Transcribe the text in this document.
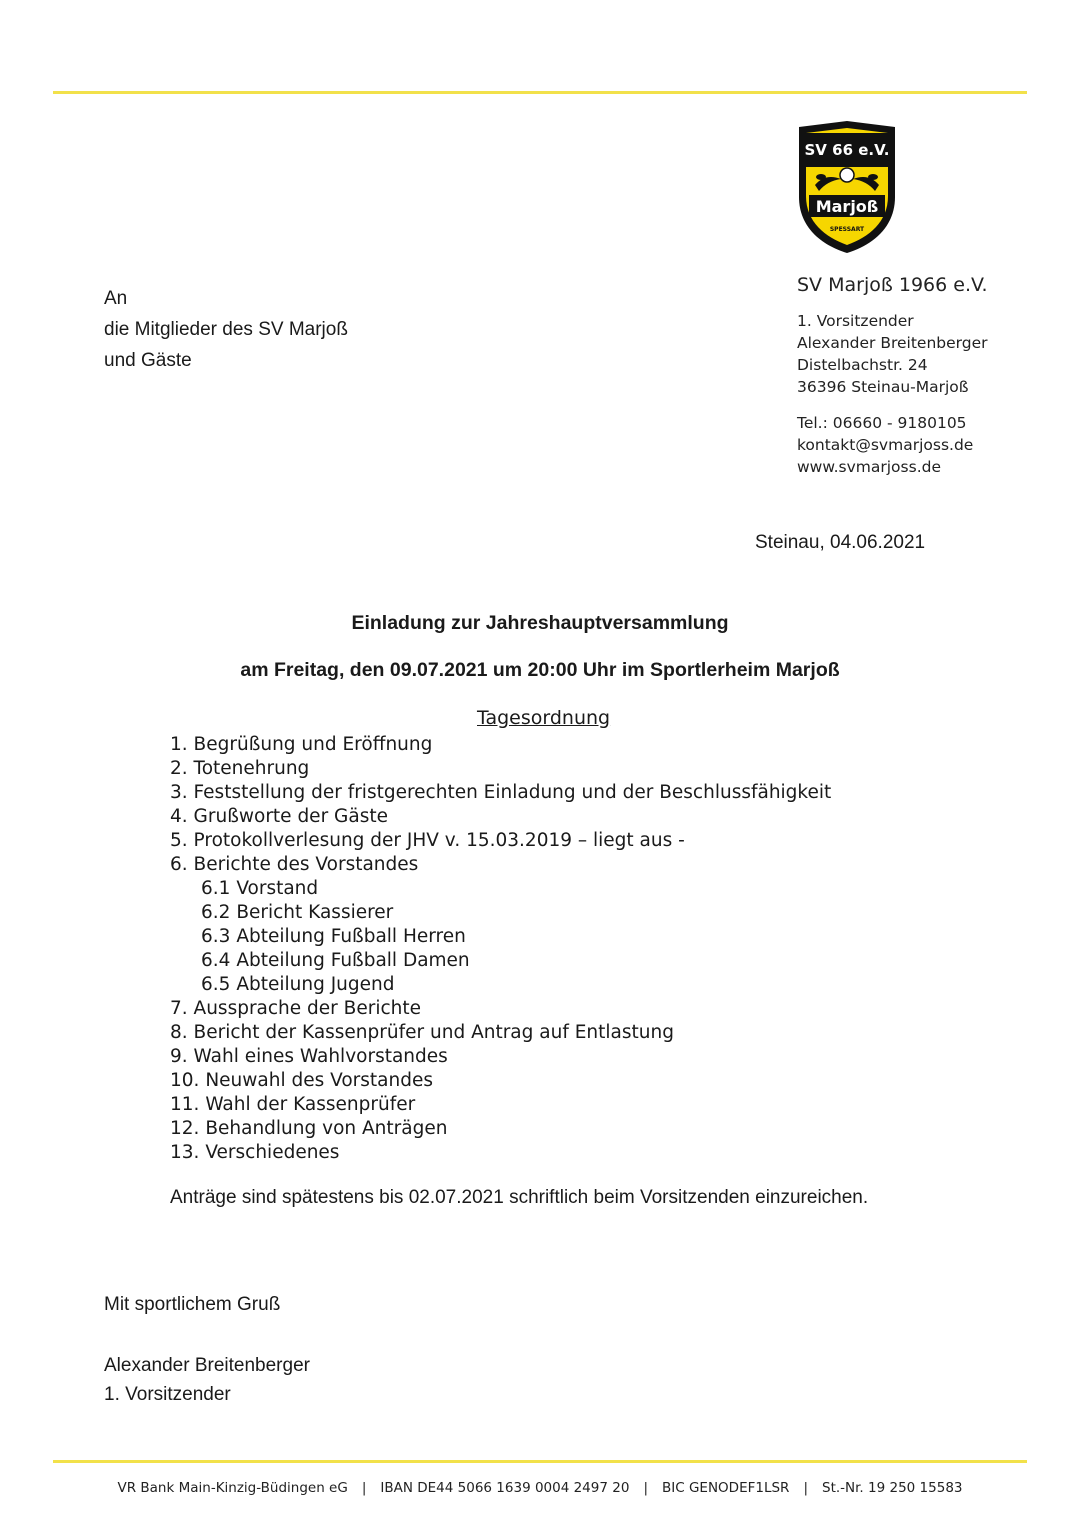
SV 66 e.V.
Marjoß
SPESSART
SV Marjoß 1966 e.V.
1. Vorsitzender
Alexander Breitenberger
Distelbachstr. 24
36396 Steinau-Marjoß
Tel.: 06660 - 9180105
kontakt@svmarjoss.de
www.svmarjoss.de
An
die Mitglieder des SV Marjoß
und Gäste
Steinau, 04.06.2021
Einladung zur Jahreshauptversammlung
am Freitag, den 09.07.2021 um 20:00 Uhr im Sportlerheim Marjoß
Tagesordnung
1. Begrüßung und Eröffnung
2. Totenehrung
3. Feststellung der fristgerechten Einladung und der Beschlussfähigkeit
4. Grußworte der Gäste
5. Protokollverlesung der JHV v. 15.03.2019 – liegt aus -
6. Berichte des Vorstandes
6.1 Vorstand
6.2 Bericht Kassierer
6.3 Abteilung Fußball Herren
6.4 Abteilung Fußball Damen
6.5 Abteilung Jugend
7. Aussprache der Berichte
8. Bericht der Kassenprüfer und Antrag auf Entlastung
9. Wahl eines Wahlvorstandes
10. Neuwahl des Vorstandes
11. Wahl der Kassenprüfer
12. Behandlung von Anträgen
13. Verschiedenes
Anträge sind spätestens bis 02.07.2021 schriftlich beim Vorsitzenden einzureichen.
Mit sportlichem Gruß
Alexander Breitenberger
1. Vorsitzender
VR Bank Main-Kinzig-Büdingen eG | IBAN DE44 5066 1639 0004 2497 20 | BIC GENODEF1LSR | St.-Nr. 19 250 15583
